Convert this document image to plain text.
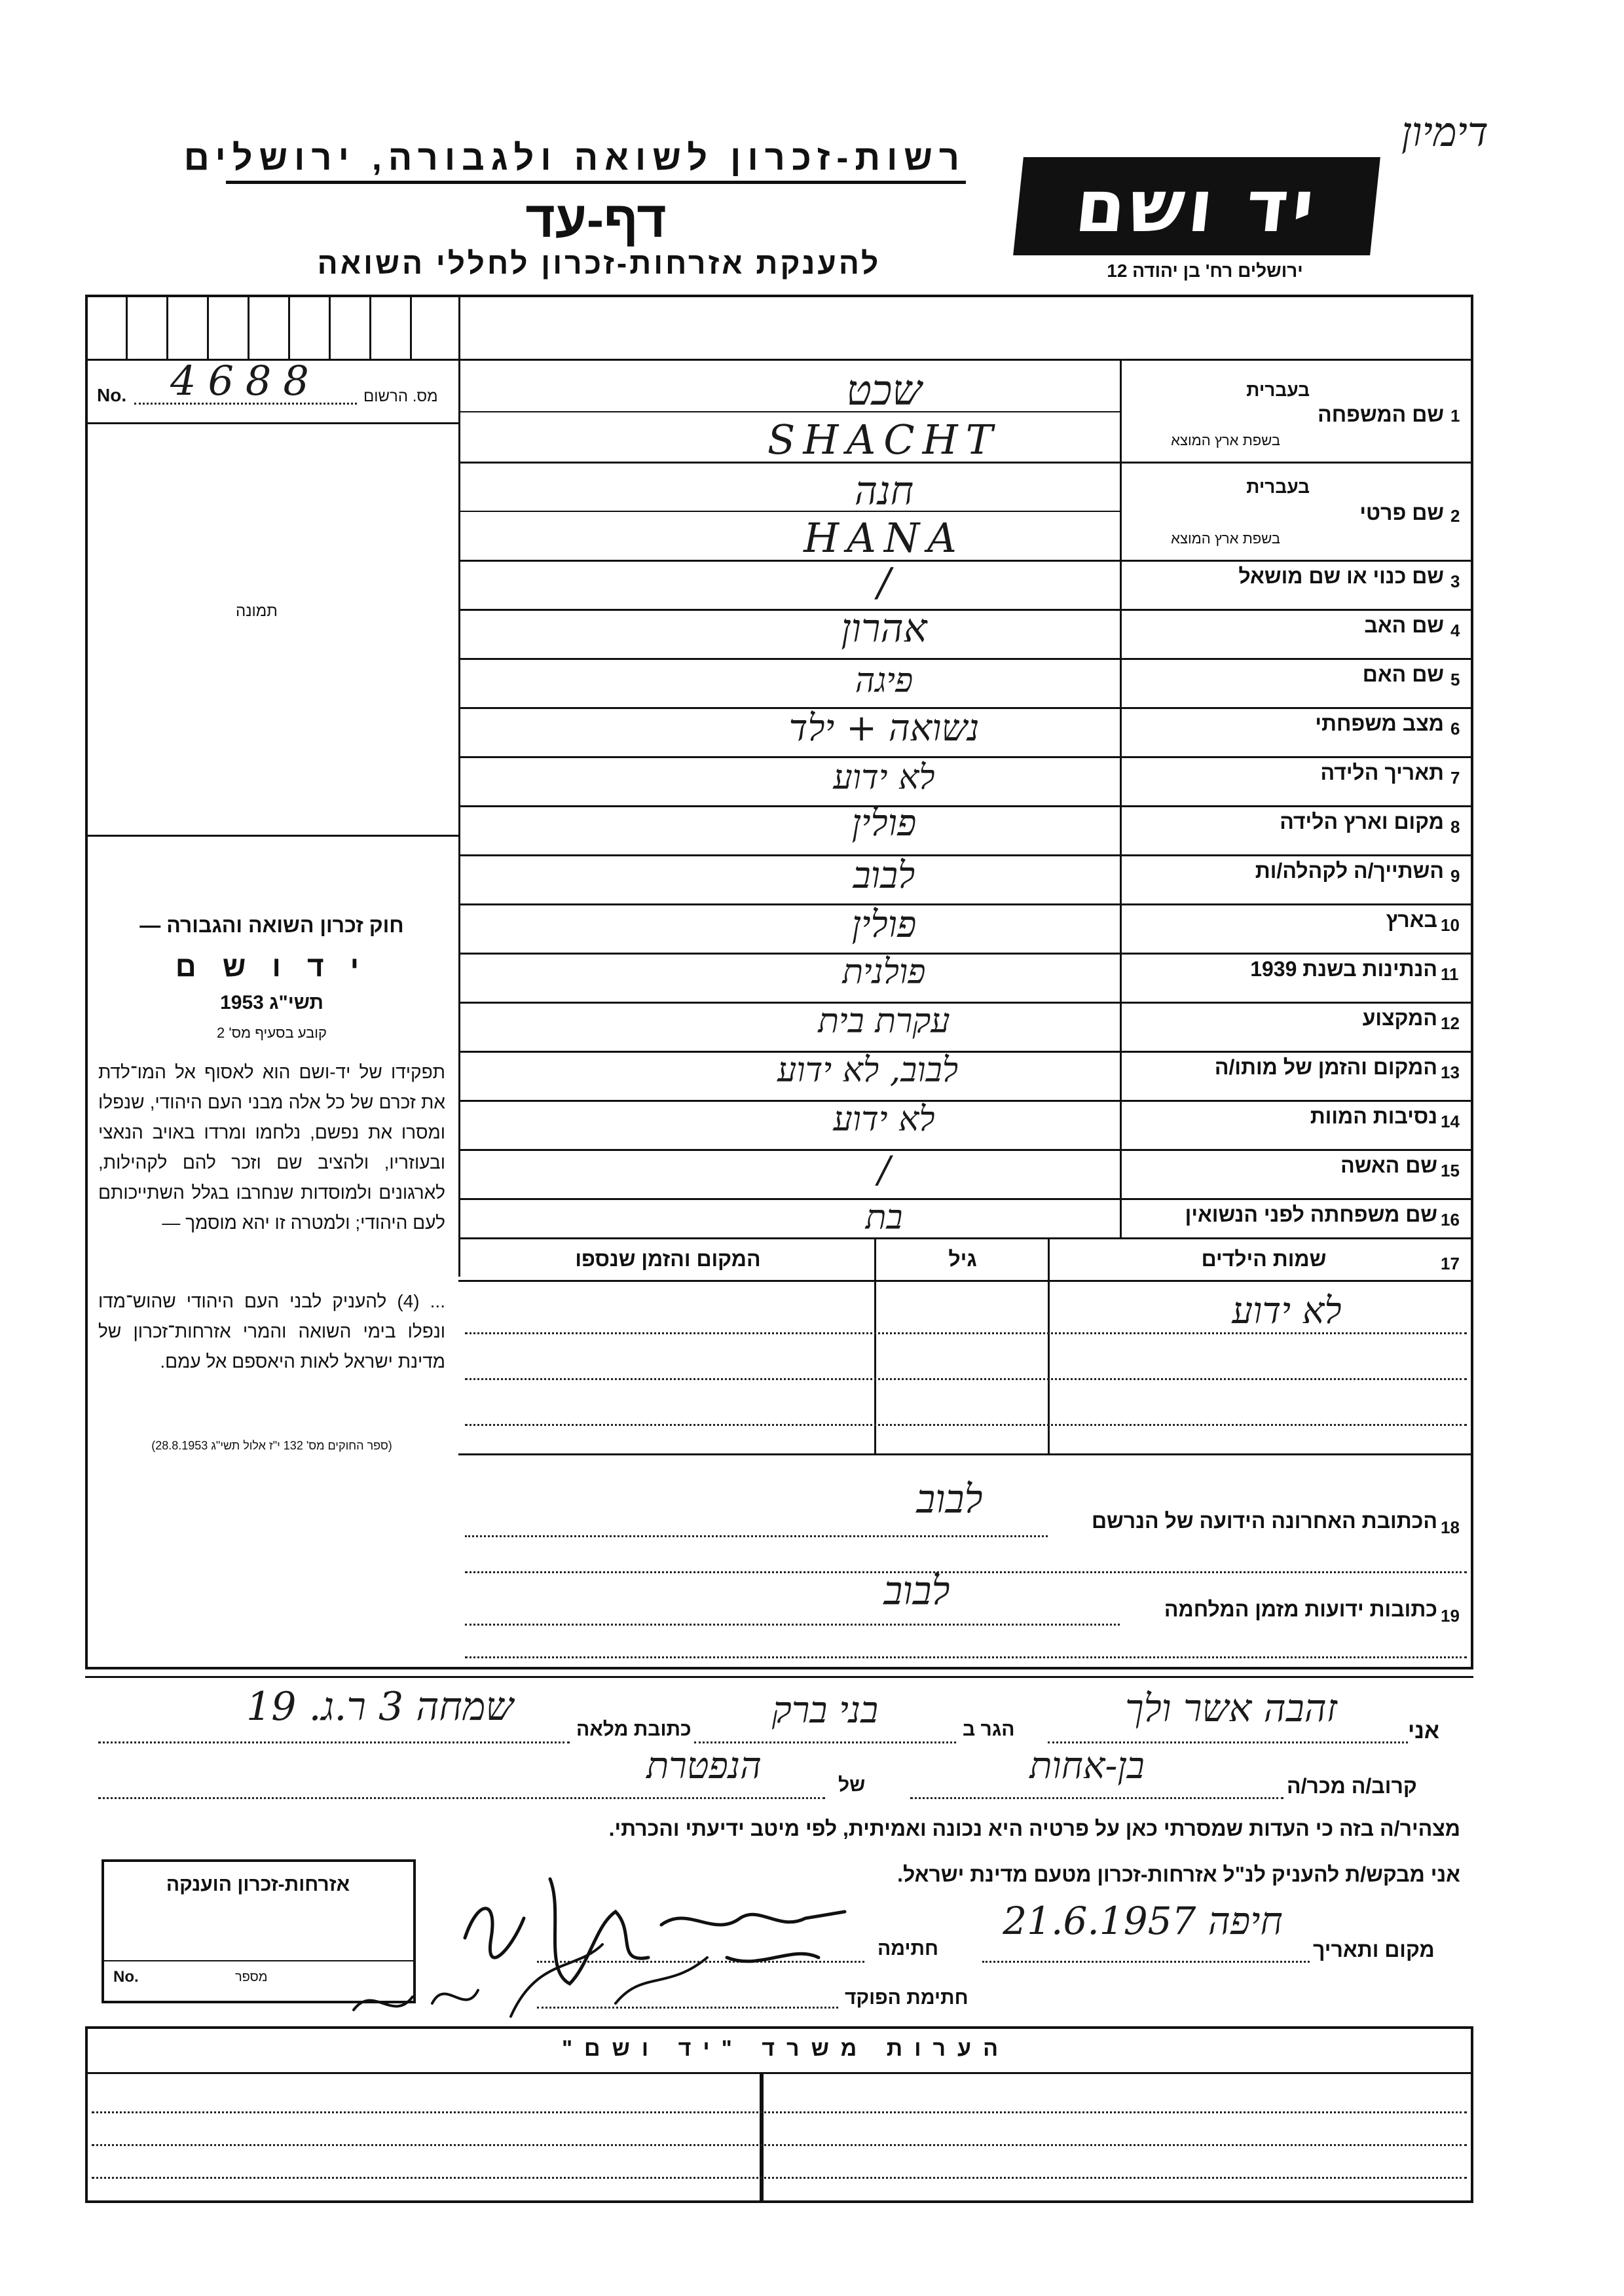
דימיון
רשות-זכרון לשואה ולגבורה, ירושלים
דף-עד
להענקת אזרחות-זכרון לחללי השואה
יד ושם
ירושלים רח' בן יהודה 12
No. 4688	מס. הרשום
תמונה
חוק זכרון השואה והגבורה —
י ד ו ש ם
תשי"ג 1953
קובע בסעיף מס' 2
תפקידו של יד-ושם הוא לאסוף אל המו־לדת את זכרם של כל אלה מבני העם היהודי, שנפלו ומסרו את נפשם, נלחמו ומרדו באויב הנאצי ובעוזריו, ולהציב שם וזכר להם לקהילות, לארגונים ולמוסדות שנחרבו בגלל השתייכותם לעם היהודי; ולמטרה זו יהא מוסמך —
... (4) להעניק לבני העם היהודי שהוש־מדו ונפלו בימי השואה והמרי אזרחות־זכרון של מדינת ישראל לאות היאספם אל עמם.
(ספר החוקים מס' 132 י"ז אלול תשי"ג 28.8.1953)
1
שם המשפחה
בעברית
בשפת ארץ המוצא
שכט
SHACHT
2
שם פרטי
בעברית
בשפת ארץ המוצא
חנה
HANA
3
שם כנוי או שם מושאל
/
4
שם האב
אהרון
5
שם האם
פיגה
6
מצב משפחתי
נשואה + ילד
7
תאריך הלידה
לא ידוע
8
מקום וארץ הלידה
פולין
9
השתייך/ה לקהלה/ות
לבוב
10
בארץ
פולין
11
הנתינות בשנת 1939
פולנית
12
המקצוע
עקרת בית
13
המקום והזמן של מותו/ה
לבוב, לא ידוע
14
נסיבות המוות
לא ידוע
15
שם האשה
/
16
שם משפחתה לפני הנשואין
בת
17
שמות הילדים
גיל
המקום והזמן שנספו
לא ידוע
18
הכתובת האחרונה הידועה של הנרשם
לבוב
19
כתובות ידועות מזמן המלחמה
לבוב
אני
זהבה אשר ולך
הגר ב
בני ברק
כתובת מלאה
שמחה 3 ר.ג. 19
קרוב/ה מכר/ה
בן-אחות
של
הנפטרת
מצהיר/ה בזה כי העדות שמסרתי כאן על פרטיה היא נכונה ואמיתית, לפי מיטב ידיעתי והכרתי.
אני מבקש/ת להעניק לנ"ל אזרחות-זכרון מטעם מדינת ישראל.
מקום ותאריך
חיפה 21.6.1957
חתימה
חתימת הפוקד
אזרחות-זכרון הוענקה
No.	מספר
הערות משרד "יד ושם"
